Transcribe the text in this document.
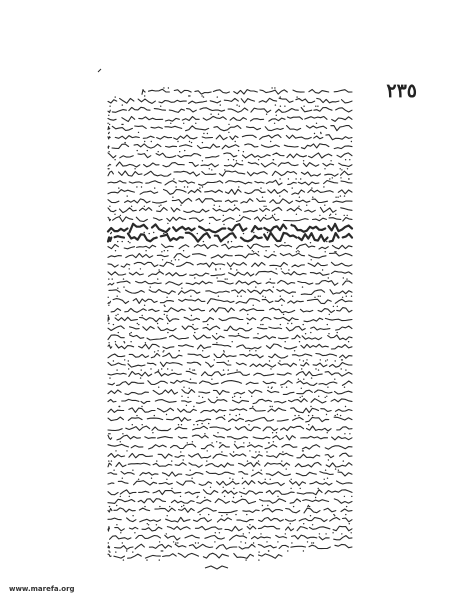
٢٣٥
www.marefa.org
